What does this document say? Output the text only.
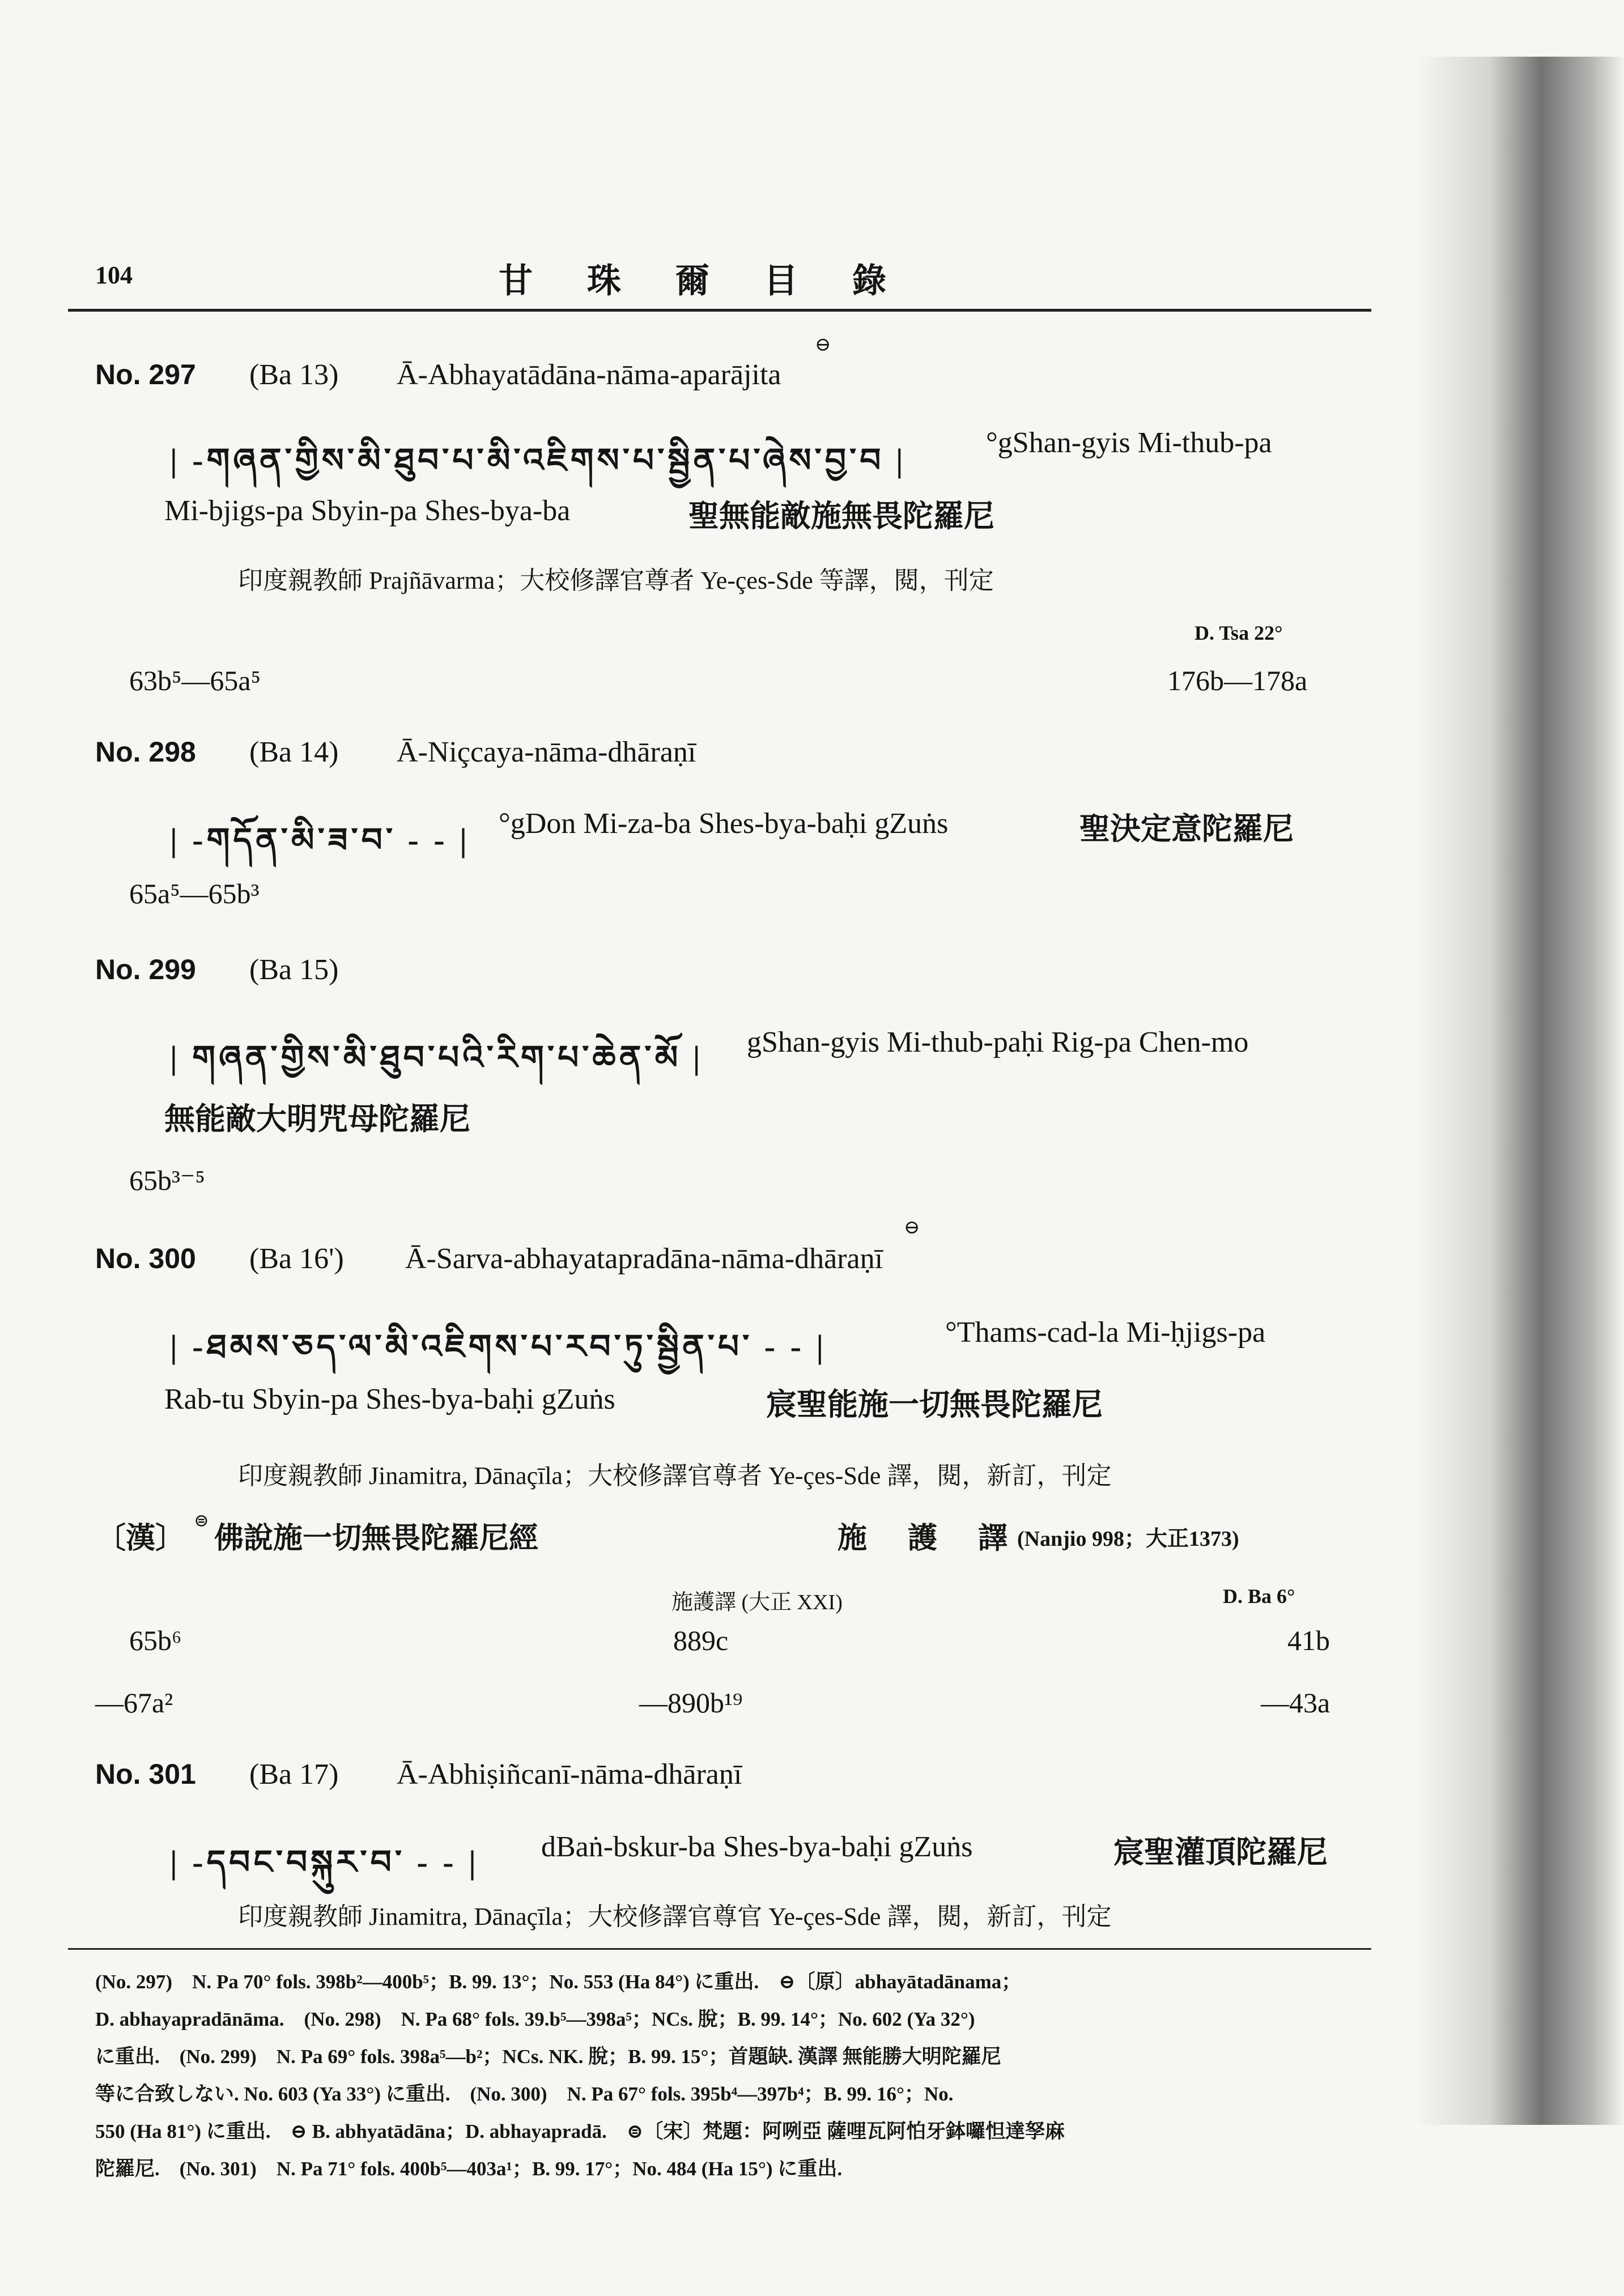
104	甘　珠　爾　目　錄
No. 297 (Ba 13)
⊖
Ā-Abhayatādāna-nāma-aparājita
| -གཞན་གྱིས་མི་ཐུབ་པ་མི་འཇིགས་པ་སྦྱིན་པ་ཞེས་བྱ་བ |	°gShan-gyis Mi-thub-pa
Mi-bjigs-pa Sbyin-pa Shes-bya-ba	聖無能敵施無畏陀羅尼
印度親教師 Prajñāvarma；大校修譯官尊者 Ye-çes-Sde 等譯，閱，刊定
D. Tsa 22°
63b⁵—65a⁵	176b—178a
No. 298 (Ba 14) Ā-Niçcaya-nāma-dhāraṇī
| -གདོན་མི་ཟ་བ་ - - | °gDon Mi-za-ba Shes-bya-baḥi gZuṅs	聖決定意陀羅尼
65a⁵—65b³
No. 299 (Ba 15)
| གཞན་གྱིས་མི་ཐུབ་པའི་རིག་པ་ཆེན་མོ | gShan-gyis Mi-thub-paḥi Rig-pa Chen-mo
無能敵大明咒母陀羅尼
65b³⁻⁵
No. 300 (Ba 16')
⊖
Ā-Sarva-abhayatapradāna-nāma-dhāraṇī
| -ཐམས་ཅད་ལ་མི་འཇིགས་པ་རབ་ཏུ་སྦྱིན་པ་ - - |	°Thams-cad-la Mi-ḥjigs-pa
Rab-tu Sbyin-pa Shes-bya-baḥi gZuṅs	宸聖能施一切無畏陀羅尼
印度親教師 Jinamitra, Dānaçīla；大校修譯官尊者 Ye-çes-Sde 譯，閱，新訂，刊定
〔漢〕
⊜
佛說施一切無畏陀羅尼經	施　護　譯 (Nanjio 998；大正1373)
施護譯 (大正 XXI)	D. Ba 6°
65b⁶	889c	41b
—67a²	—890b¹⁹	—43a
No. 301 (Ba 17) Ā-Abhiṣiñcanī-nāma-dhāraṇī
| -དབང་བསྐུར་བ་ - - | dBaṅ-bskur-ba Shes-bya-baḥi gZuṅs	宸聖灌頂陀羅尼
印度親教師 Jinamitra, Dānaçīla；大校修譯官尊官 Ye-çes-Sde 譯，閱，新訂，刊定
(No. 297)　N. Pa 70° fols. 398b²—400b⁵；B. 99. 13°；No. 553 (Ha 84°) に重出.　⊖〔原〕abhayātadānama；
D. abhayapradānāma.　(No. 298)　N. Pa 68° fols. 39.b⁵—398a⁵；NCs. 脫；B. 99. 14°；No. 602 (Ya 32°)
に重出.　(No. 299)　N. Pa 69° fols. 398a⁵—b²；NCs. NK. 脫；B. 99. 15°；首題缺. 漢譯 無能勝大明陀羅尼
等に合致しない. No. 603 (Ya 33°) に重出.　(No. 300)　N. Pa 67° fols. 395b⁴—397b⁴；B. 99. 16°；No.
550 (Ha 81°) に重出.　⊖ B. abhyatādāna；D. abhayapradā.　⊜〔宋〕梵題：阿咧亞 薩哩瓦阿怕牙鉢囉怛達孥麻
陀羅尼.　(No. 301)　N. Pa 71° fols. 400b⁵—403a¹；B. 99. 17°；No. 484 (Ha 15°) に重出.
